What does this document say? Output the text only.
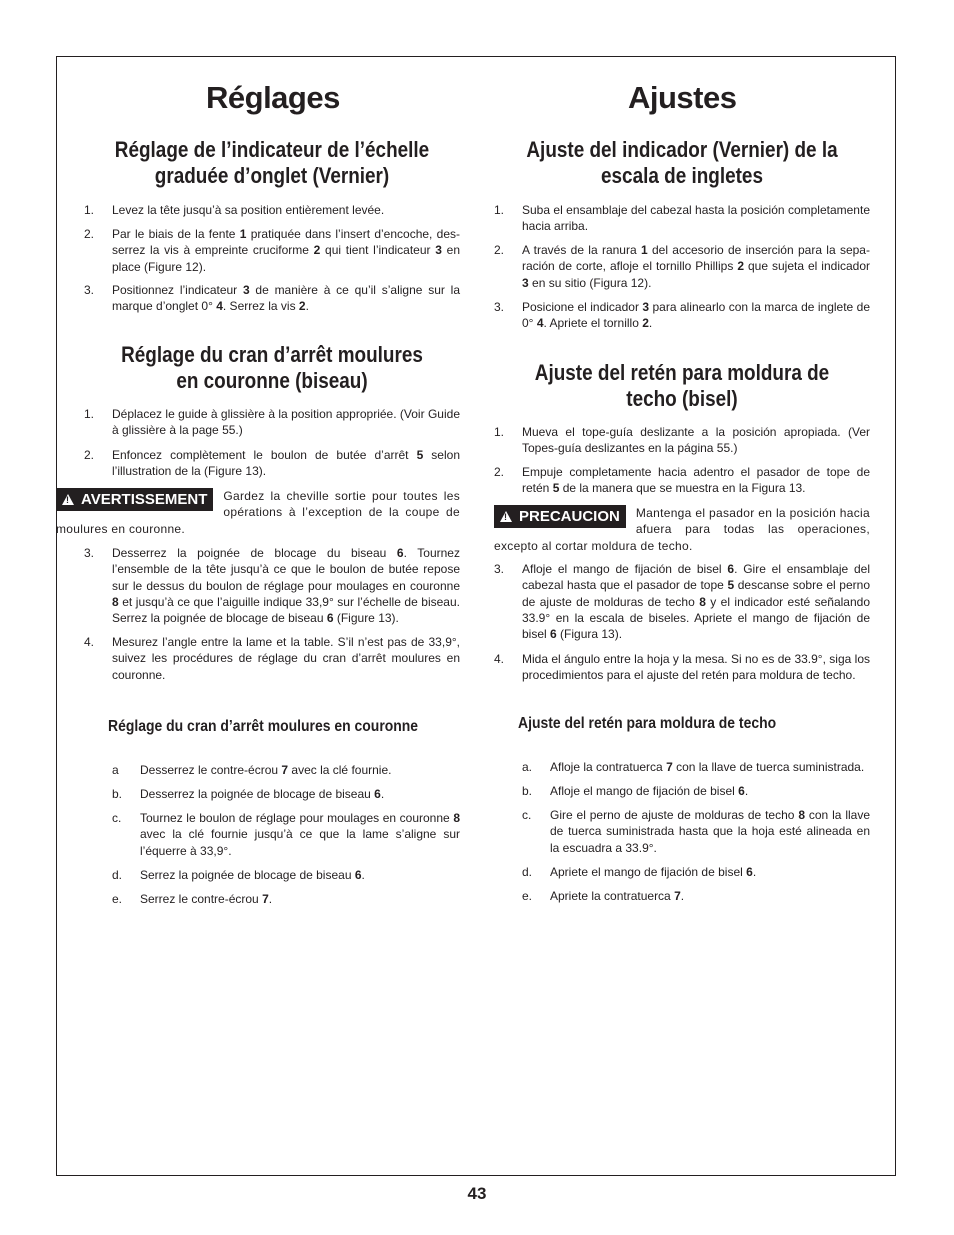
Réglages
Réglage de l’indicateur de l’échelle graduée d’onglet (Vernier)
1. Levez la tête jusqu’à sa position entièrement levée.
2. Par le biais de la fente 1 pratiquée dans l’insert d’encoche, des-serrez la vis à empreinte cruciforme 2 qui tient l’indicateur 3 en place (Figure 12).
3. Positionnez l’indicateur 3 de manière à ce qu’il s’aligne sur la marque d’onglet 0° 4. Serrez la vis 2.
Réglage du cran d’arrêt moulures en couronne (biseau)
1. Déplacez le guide à glissière à la position appropriée. (Voir Guide à glissière à la page 55.)
2. Enfoncez complètement le boulon de butée d’arrêt 5 selon l’illustration de la (Figure 13).
! AVERTISSEMENT Gardez la cheville sortie pour toutes les opérations à l’exception de la coupe de moulures en couronne.
3. Desserrez la poignée de blocage du biseau 6. Tournez l’ensemble de la tête jusqu’à ce que le boulon de butée repose sur le dessus du boulon de réglage pour moulages en couronne 8 et jusqu’à ce que l’aiguille indique 33,9° sur l’échelle de biseau. Serrez la poignée de blocage de biseau 6 (Figure 13).
4. Mesurez l’angle entre la lame et la table. S’il n’est pas de 33,9°, suivez les procédures de réglage du cran d’arrêt moulures en couronne.
Réglage du cran d’arrêt moulures en couronne
a Desserrez le contre-écrou 7 avec la clé fournie.
b. Desserrez la poignée de blocage de biseau 6.
c. Tournez le boulon de réglage pour moulages en couronne 8 avec la clé fournie jusqu’à ce que la lame s’aligne sur l’équerre à 33,9°.
d. Serrez la poignée de blocage de biseau 6.
e. Serrez le contre-écrou 7.
Ajustes
Ajuste del indicador (Vernier) de la escala de ingletes
1. Suba el ensamblaje del cabezal hasta la posición completamente hacia arriba.
2. A través de la ranura 1 del accesorio de inserción para la sepa-ración de corte, afloje el tornillo Phillips 2 que sujeta el indicador 3 en su sitio (Figura 12).
3. Posicione el indicador 3 para alinearlo con la marca de inglete de 0° 4. Apriete el tornillo 2.
Ajuste del retén para moldura de techo (bisel)
1. Mueva el tope-guía deslizante a la posición apropiada. (Ver Topes-guía deslizantes en la página 55.)
2. Empuje completamente hacia adentro el pasador de tope de retén 5 de la manera que se muestra en la Figura 13.
! PRECAUCION Mantenga el pasador en la posición hacia afuera para todas las operaciones, excepto al cortar moldura de techo.
3. Afloje el mango de fijación de bisel 6. Gire el ensamblaje del cabezal hasta que el pasador de tope 5 descanse sobre el perno de ajuste de molduras de techo 8 y el indicador esté señalando 33.9° en la escala de biseles. Apriete el mango de fijación de bisel 6 (Figura 13).
4. Mida el ángulo entre la hoja y la mesa. Si no es de 33.9°, siga los procedimientos para el ajuste del retén para moldura de techo.
Ajuste del retén para moldura de techo
a. Afloje la contratuerca 7 con la llave de tuerca suministrada.
b. Afloje el mango de fijación de bisel 6.
c. Gire el perno de ajuste de molduras de techo 8 con la llave de tuerca suministrada hasta que la hoja esté alineada en la escuadra a 33.9°.
d. Apriete el mango de fijación de bisel 6.
e. Apriete la contratuerca 7.
43
